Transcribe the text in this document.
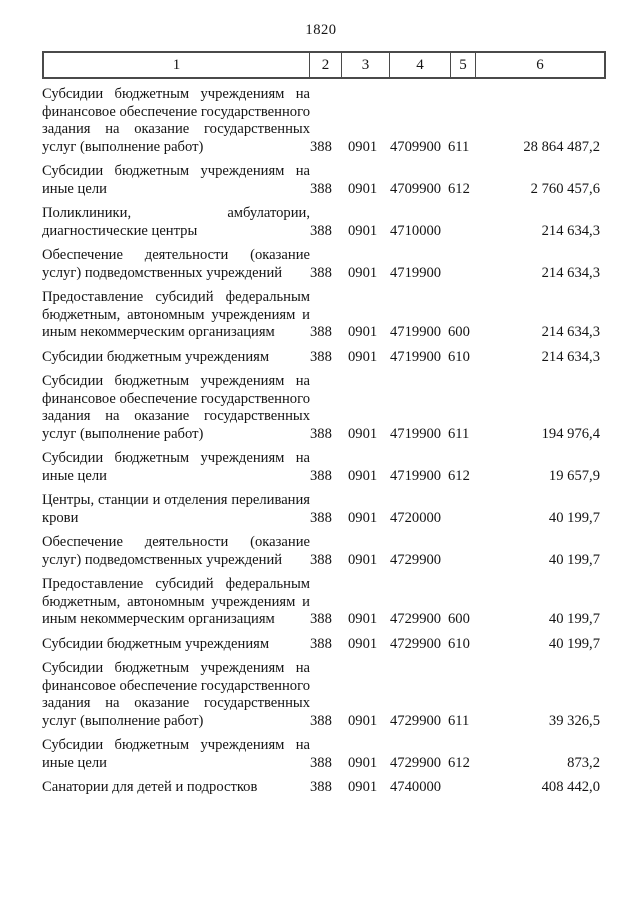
1820
1	2	3	4	5	6
Субсидии бюджетным учреждениям на финансовое обеспечение государственного задания на оказание государственных услуг (выполнение работ)	388	0901	4709900	611	28 864 487,2
Субсидии бюджетным учреждениям на иные цели	388	0901	4709900	612	2 760 457,6
Поликлиники, амбулатории, диагностические центры	388	0901	4710000		214 634,3
Обеспечение деятельности (оказание услуг) подведомственных учреждений	388	0901	4719900		214 634,3
Предоставление субсидий федеральным бюджетным, автономным учреждениям и иным некоммерческим организациям	388	0901	4719900	600	214 634,3
Субсидии бюджетным учреждениям	388	0901	4719900	610	214 634,3
Субсидии бюджетным учреждениям на финансовое обеспечение государственного задания на оказание государственных услуг (выполнение работ)	388	0901	4719900	611	194 976,4
Субсидии бюджетным учреждениям на иные цели	388	0901	4719900	612	19 657,9
Центры, станции и отделения переливания крови	388	0901	4720000		40 199,7
Обеспечение деятельности (оказание услуг) подведомственных учреждений	388	0901	4729900		40 199,7
Предоставление субсидий федеральным бюджетным, автономным учреждениям и иным некоммерческим организациям	388	0901	4729900	600	40 199,7
Субсидии бюджетным учреждениям	388	0901	4729900	610	40 199,7
Субсидии бюджетным учреждениям на финансовое обеспечение государственного задания на оказание государственных услуг (выполнение работ)	388	0901	4729900	611	39 326,5
Субсидии бюджетным учреждениям на иные цели	388	0901	4729900	612	873,2
Санатории для детей и подростков	388	0901	4740000		408 442,0
